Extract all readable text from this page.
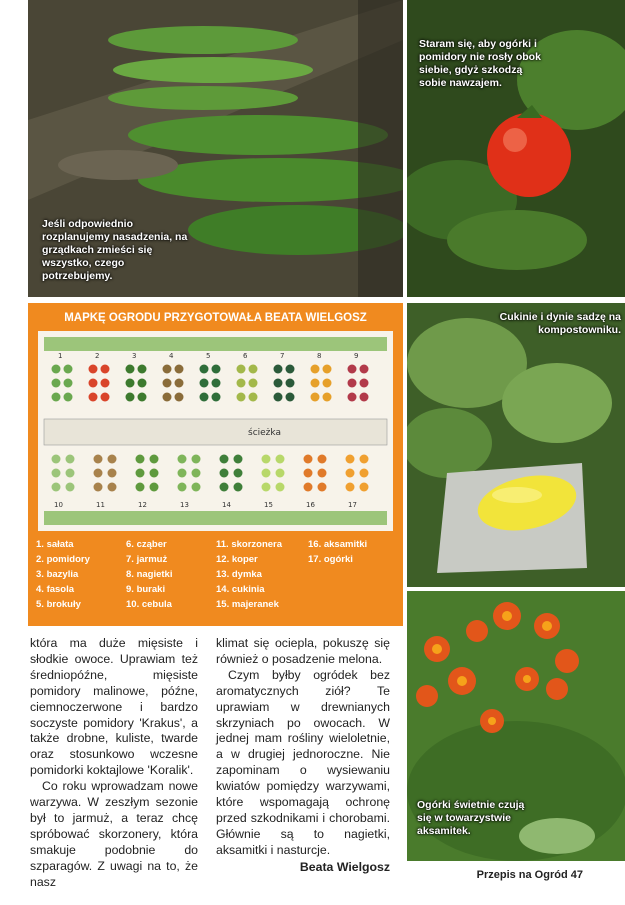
Jeśli odpowiednio rozplanujemy nasadzenia, na grządkach zmieści się wszystko, czego potrzebujemy.
Staram się, aby ogórki i pomidory nie rosły obok siebie, gdyż szkodzą sobie nawzajem.
MAPKĘ OGRODU PRZYGOTOWAŁA BEATA WIELGOSZ
ścieżka
1	2	3	4	5	6	7	8	9
10	11	12	13	14	15	16	17
1. sałata
2. pomidory
3. bazylia
4. fasola
5. brokuły
6. cząber
7. jarmuż
8. nagietki
9. buraki
10. cebula
11. skorzonera
12. koper
13. dymka
14. cukinia
15. majeranek
16. aksamitki
17. ogórki
Cukinie i dynie sadzę na kompostowniku.
Ogórki świetnie czują się w towarzystwie aksamitek.

która ma duże mięsiste i słodkie owoce. Uprawiam też średniopóźne, mięsiste pomidory malinowe, późne, ciemnoczerwone i bardzo soczyste pomidory 'Krakus', a także drobne, kuliste, twarde oraz stosunkowo wczesne pomidorki koktajlowe 'Koralik'.

Co roku wprowadzam nowe warzywa. W zeszłym sezonie był to jarmuż, a teraz chcę spróbować skorzonery, która smakuje podobnie do szparagów. Z uwagi na to, że nasz

klimat się ociepla, pokuszę się również o posadzenie melona.

Czym byłby ogródek bez aromatycznych ziół? Te uprawiam w drewnianych skrzyniach po owocach. W jednej mam rośliny wieloletnie, a w drugiej jednoroczne. Nie zapominam o wysiewaniu kwiatów pomiędzy warzywami, które wspomagają ochronę przed szkodnikami i chorobami. Głównie są to nagietki, aksamitki i nasturcje.

Beata Wielgosz
Przepis na Ogród 47
